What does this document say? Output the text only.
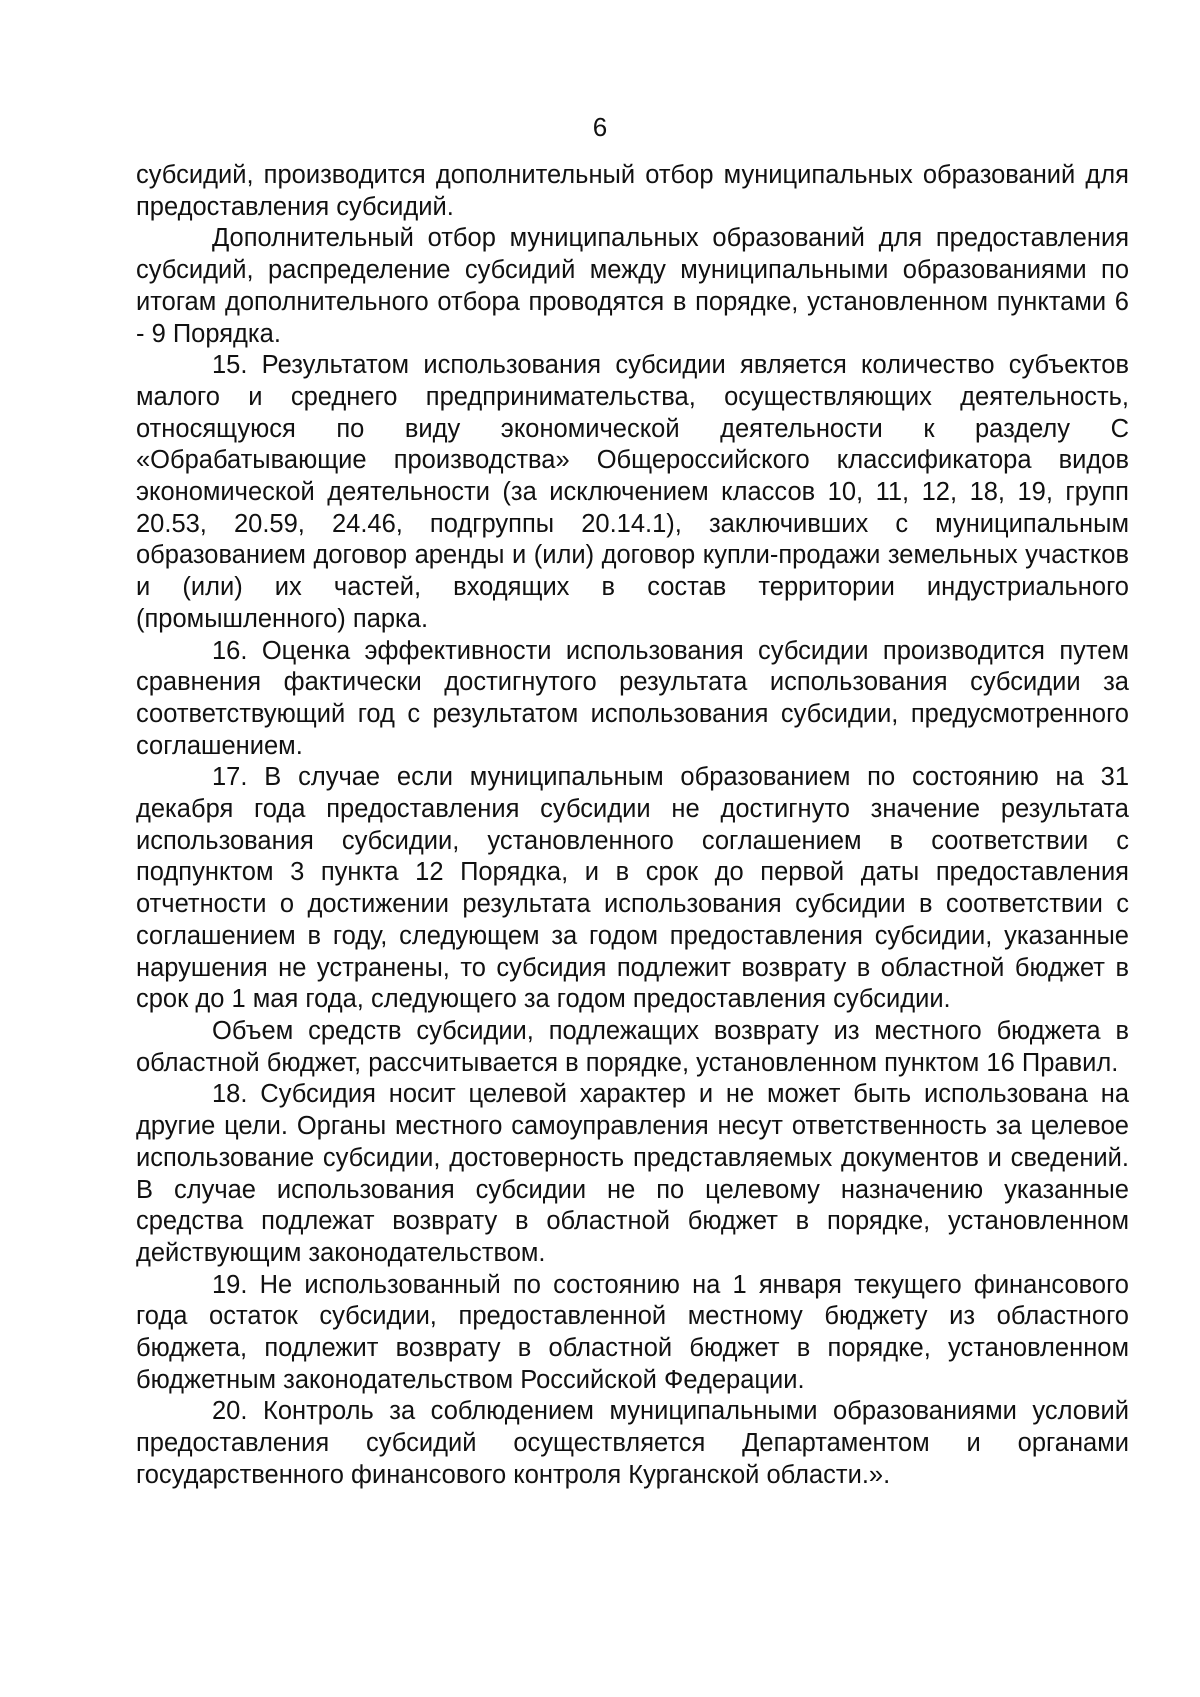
6

субсидий, производится дополнительный отбор муниципальных образований для предоставления субсидий.

Дополнительный отбор муниципальных образований для предоставления субсидий, распределение субсидий между муниципальными образованиями по итогам дополнительного отбора проводятся в порядке, установленном пунктами 6 - 9 Порядка.

15. Результатом использования субсидии является количество субъектов малого и среднего предпринимательства, осуществляющих деятельность, относящуюся по виду экономической деятельности к разделу С «Обрабатывающие производства» Общероссийского классификатора видов экономической деятельности (за исключением классов 10, 11, 12, 18, 19, групп 20.53, 20.59, 24.46, подгруппы 20.14.1), заключивших с муниципальным образованием договор аренды и (или) договор купли-продажи земельных участков и (или) их частей, входящих в состав территории индустриального (промышленного) парка.

16. Оценка эффективности использования субсидии производится путем сравнения фактически достигнутого результата использования субсидии за соответствующий год с результатом использования субсидии, предусмотренного соглашением.

17. В случае если муниципальным образованием по состоянию на 31 декабря года предоставления субсидии не достигнуто значение результата использования субсидии, установленного соглашением в соответствии с подпунктом 3 пункта 12 Порядка, и в срок до первой даты предоставления отчетности о достижении результата использования субсидии в соответствии с соглашением в году, следующем за годом предоставления субсидии, указанные нарушения не устранены, то субсидия подлежит возврату в областной бюджет в срок до 1 мая года, следующего за годом предоставления субсидии.

Объем средств субсидии, подлежащих возврату из местного бюджета в областной бюджет, рассчитывается в порядке, установленном пунктом 16 Правил.

18. Субсидия носит целевой характер и не может быть использована на другие цели. Органы местного самоуправления несут ответственность за целевое использование субсидии, достоверность представляемых документов и сведений. В случае использования субсидии не по целевому назначению указанные средства подлежат возврату в областной бюджет в порядке, установленном действующим законодательством.

19. Не использованный по состоянию на 1 января текущего финансового года остаток субсидии, предоставленной местному бюджету из областного бюджета, подлежит возврату в областной бюджет в порядке, установленном бюджетным законодательством Российской Федерации.

20. Контроль за соблюдением муниципальными образованиями условий предоставления субсидий осуществляется Департаментом и органами государственного финансового контроля Курганской области.».
